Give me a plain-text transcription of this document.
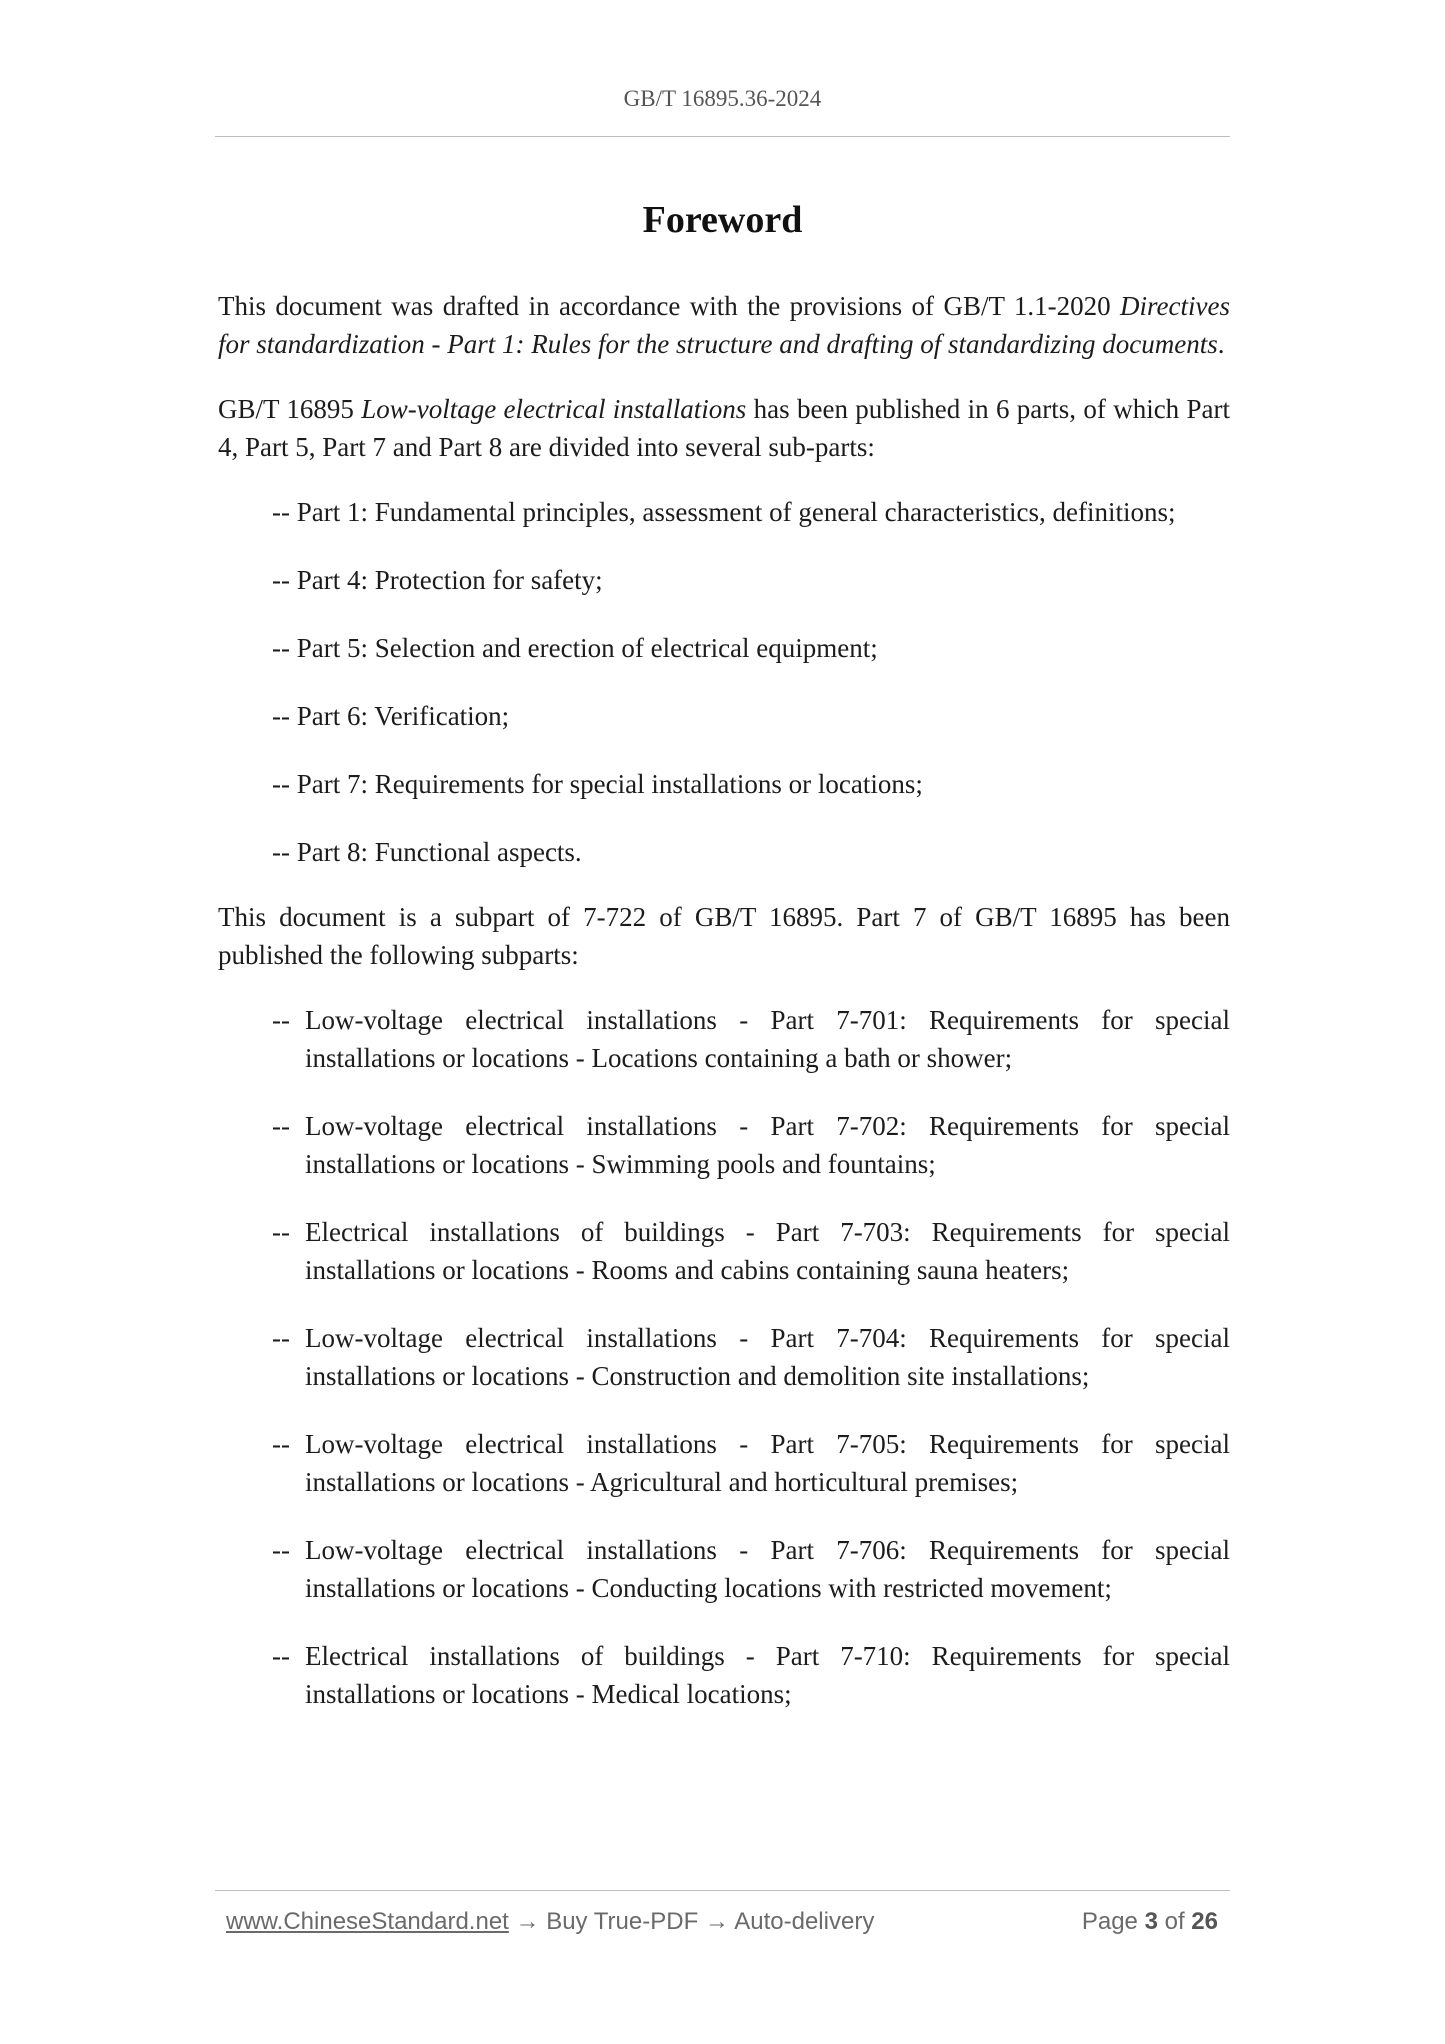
GB/T 16895.36-2024
Foreword

This document was drafted in accordance with the provisions of GB/T 1.1-2020 Directives for standardization - Part 1: Rules for the structure and drafting of standardizing documents.

GB/T 16895 Low-voltage electrical installations has been published in 6 parts, of which Part 4, Part 5, Part 7 and Part 8 are divided into several sub-parts:

-- Part 1: Fundamental principles, assessment of general characteristics, definitions;
-- Part 4: Protection for safety;
-- Part 5: Selection and erection of electrical equipment;
-- Part 6: Verification;
-- Part 7: Requirements for special installations or locations;
-- Part 8: Functional aspects.

This document is a subpart of 7-722 of GB/T 16895. Part 7 of GB/T 16895 has been published the following subparts:

-- Low-voltage electrical installations - Part 7-701: Requirements for special installations or locations - Locations containing a bath or shower;
-- Low-voltage electrical installations - Part 7-702: Requirements for special installations or locations - Swimming pools and fountains;
-- Electrical installations of buildings - Part 7-703: Requirements for special installations or locations - Rooms and cabins containing sauna heaters;
-- Low-voltage electrical installations - Part 7-704: Requirements for special installations or locations - Construction and demolition site installations;
-- Low-voltage electrical installations - Part 7-705: Requirements for special installations or locations - Agricultural and horticultural premises;
-- Low-voltage electrical installations - Part 7-706: Requirements for special installations or locations - Conducting locations with restricted movement;
-- Electrical installations of buildings - Part 7-710: Requirements for special installations or locations - Medical locations;
www.ChineseStandard.net → Buy True-PDF → Auto-delivery	Page 3 of 26
